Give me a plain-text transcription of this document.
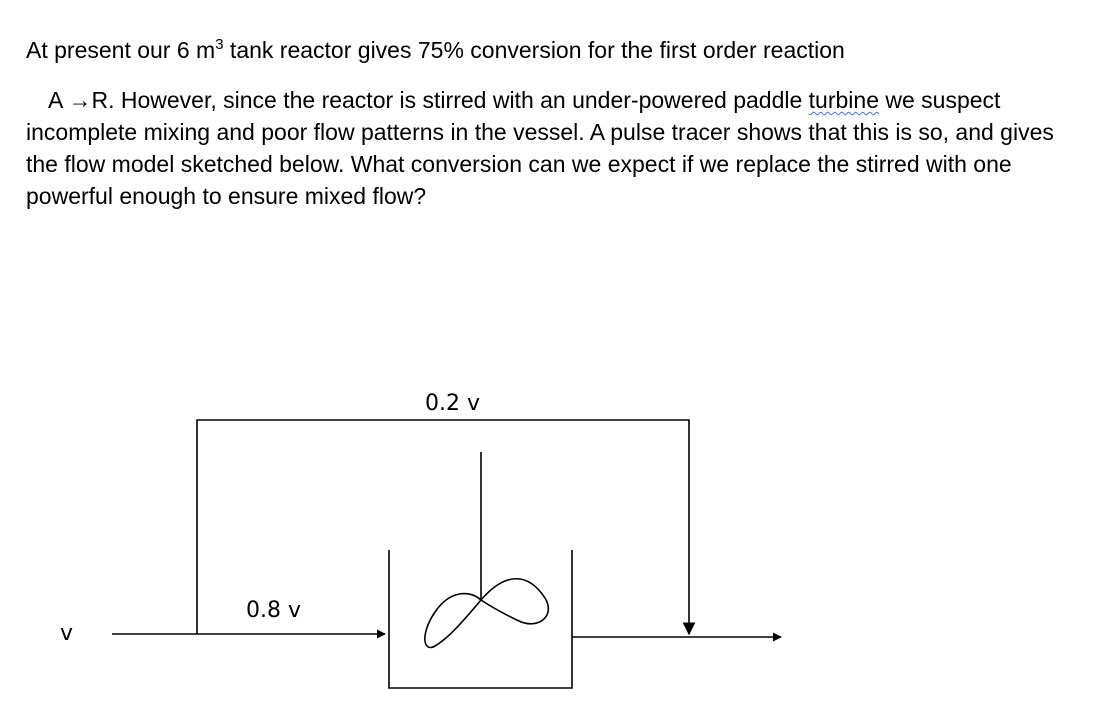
At present our 6 $m^3$ tank reactor gives 75% conversion for the first order reaction

A →R. However, since the reactor is stirred with an under-powered paddle turbine we suspect incomplete mixing and poor flow patterns in the vessel. A pulse tracer shows that this is so, and gives the flow model sketched below. What conversion can we expect if we replace the stirred with one powerful enough to ensure mixed flow?

v
0.2 v
0.8 v
